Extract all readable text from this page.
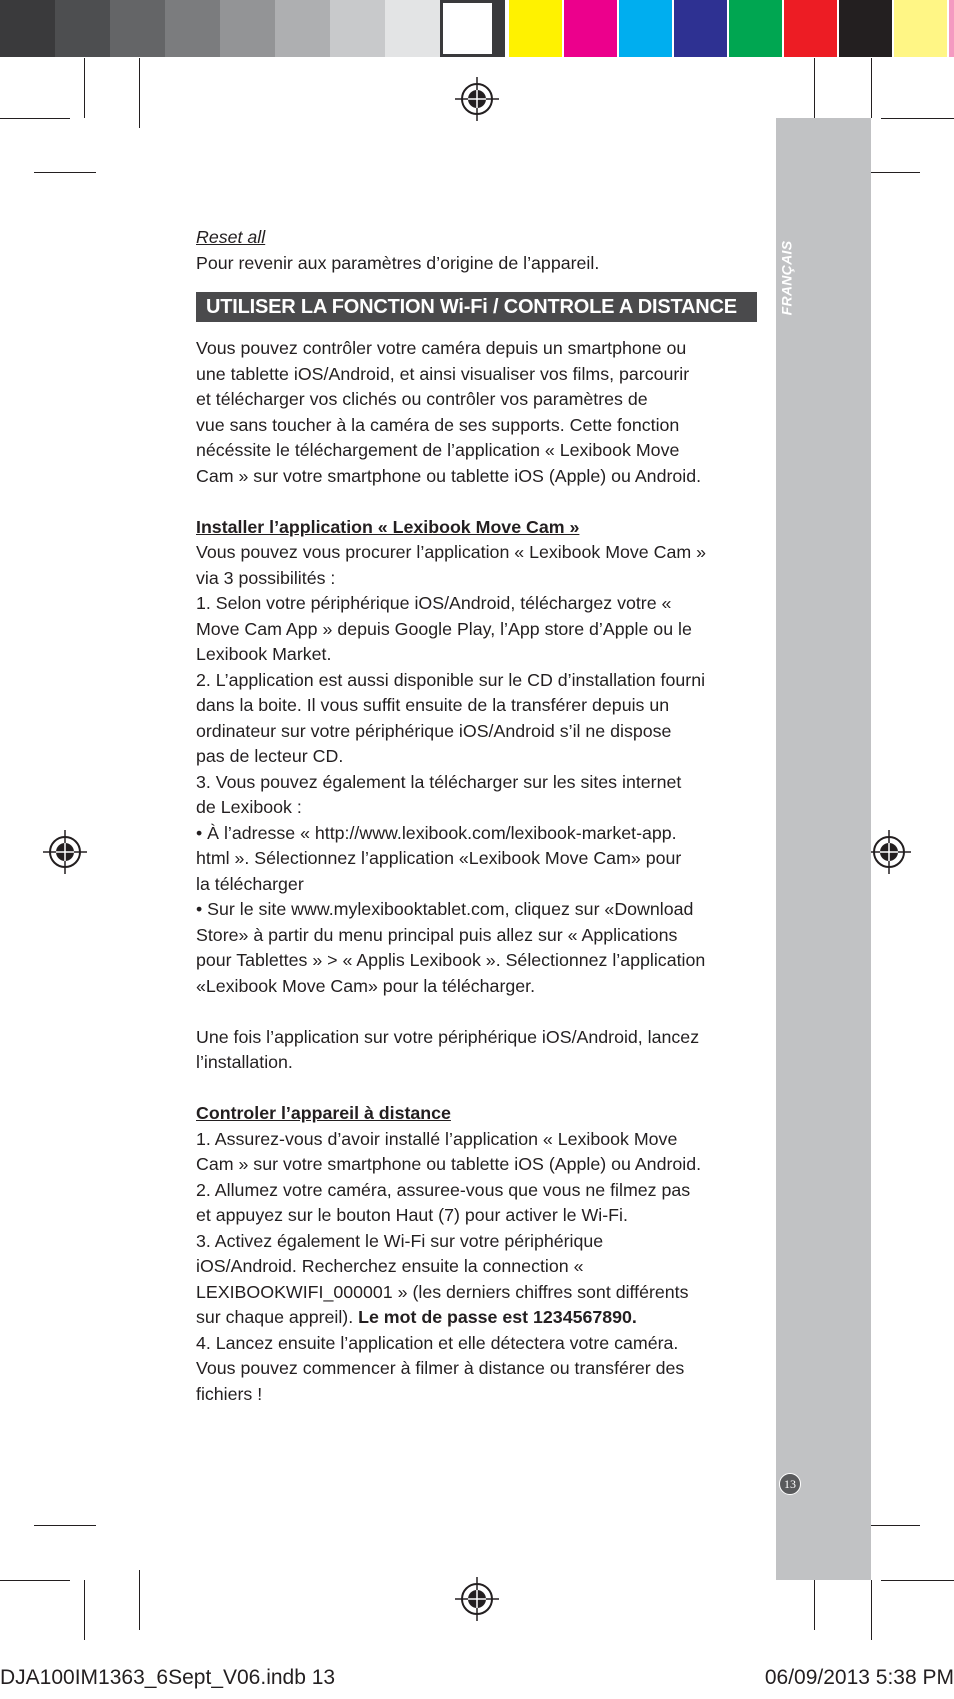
FRANÇAIS
13

Reset all

Pour revenir aux paramètres d’origine de l’appareil.

UTILISER LA FONCTION Wi-Fi / CONTROLE A DISTANCE

Vous pouvez contrôler votre caméra depuis un smartphone ou
une tablette iOS/Android, et ainsi visualiser vos films, parcourir
et télécharger vos clichés ou contrôler vos paramètres de
vue sans toucher à la caméra de ses supports. Cette fonction
nécéssite le téléchargement de l’application « Lexibook Move
Cam » sur votre smartphone ou tablette iOS (Apple) ou Android.

Installer l’application « Lexibook Move Cam »

Vous pouvez vous procurer l’application « Lexibook Move Cam »
via 3 possibilités :
1. Selon votre périphérique iOS/Android, téléchargez votre «
Move Cam App » depuis Google Play, l’App store d’Apple ou le
Lexibook Market.
2. L’application est aussi disponible sur le CD d’installation fourni
dans la boite. Il vous suffit ensuite de la transférer depuis un
ordinateur sur votre périphérique iOS/Android s’il ne dispose
pas de lecteur CD.
3. Vous pouvez également la télécharger sur les sites internet
de Lexibook :
• À l’adresse « http://www.lexibook.com/lexibook-market-app.
html ». Sélectionnez l’application «Lexibook Move Cam» pour
la télécharger
• Sur le site www.mylexibooktablet.com, cliquez sur «Download
Store» à partir du menu principal puis allez sur « Applications
pour Tablettes » > « Applis Lexibook ». Sélectionnez l’application
«Lexibook Move Cam» pour la télécharger.

Une fois l’application sur votre périphérique iOS/Android, lancez
l’installation.

Controler l’appareil à distance

1. Assurez-vous d’avoir installé l’application « Lexibook Move
Cam » sur votre smartphone ou tablette iOS (Apple) ou Android.
2. Allumez votre caméra, assuree-vous que vous ne filmez pas
et appuyez sur le bouton Haut (7) pour activer le Wi-Fi.
3. Activez également le Wi-Fi sur votre périphérique
iOS/Android. Recherchez ensuite la connection «
LEXIBOOKWIFI_000001 » (les derniers chiffres sont différents
sur chaque appreil). Le mot de passe est 1234567890.
4. Lancez ensuite l’application et elle détectera votre caméra.
Vous pouvez commencer à filmer à distance ou transférer des
fichiers !

DJA100IM1363_6Sept_V06.indb 13	06/09/2013 5:38 PM
